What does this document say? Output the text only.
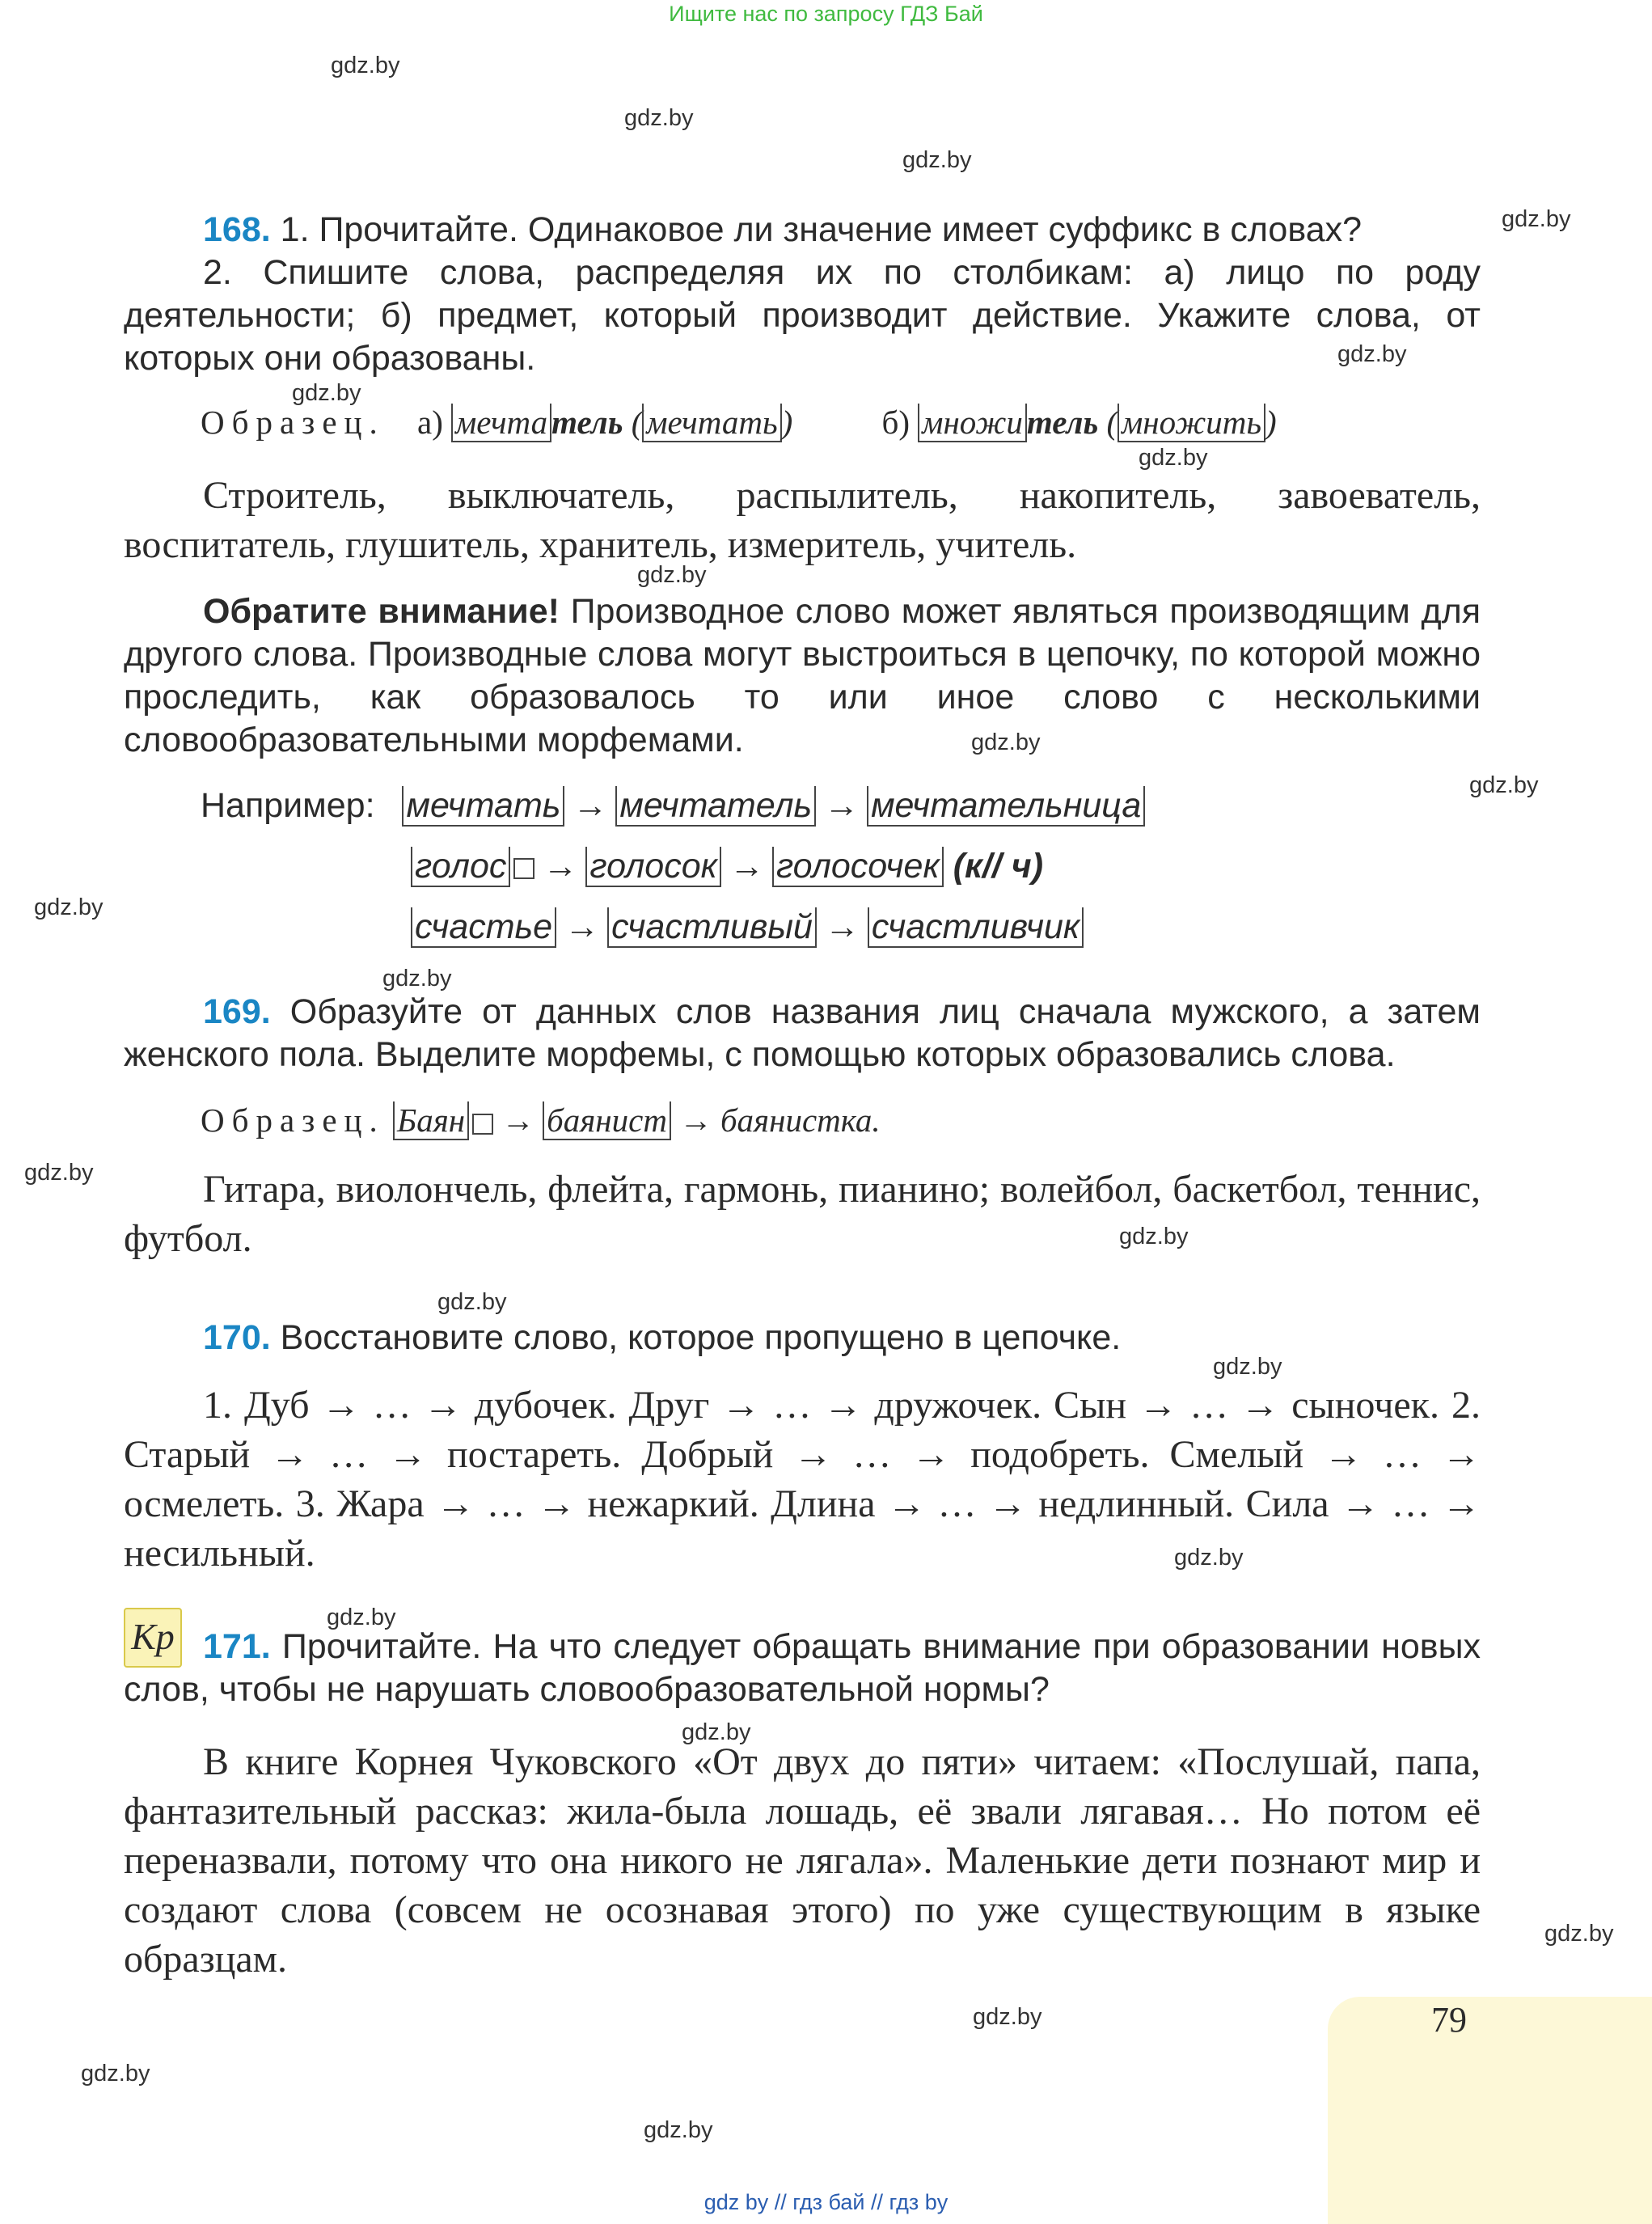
Ищите нас по запросу ГДЗ Бай
gdz.by
gdz.by
gdz.by
gdz.by
gdz.by
gdz.by
gdz.by
gdz.by
gdz.by
gdz.by
gdz.by
gdz.by
gdz.by
gdz.by
gdz.by
gdz.by
gdz.by
gdz.by
gdz.by
gdz.by
gdz.by
gdz.by
gdz.by

168. 1. Прочитайте. Одинаковое ли значение имеет суффикс в словах?

2. Спишите слова, распределяя их по столбикам: а) лицо по роду деятельности; б) предмет, который производит действие. Укажите слова, от которых они образованы.

Образец. а) мечта тель ( мечтать )	б) множи тель ( множить )

Строитель, выключатель, распылитель, накопитель, завоеватель, воспитатель, глушитель, хранитель, измеритель, учитель.

Обратите внимание! Производное слово может являться производящим для другого слова. Производные слова могут выстроиться в цепочку, по которой можно проследить, как образовалось то или иное слово с несколькими словообразовательными морфемами.

Например: мечтать → мечтатель → мечтательница
голос → голосок → голосочек (к// ч)
счастье → счастливый → счастливчик

169. Образуйте от данных слов названия лиц сначала мужского, а затем женского пола. Выделите морфемы, с помощью которых образовались слова.

Образец. Баян → баянист → баянистка.

Гитара, виолончель, флейта, гармонь, пианино; волейбол, баскетбол, теннис, футбол.

170. Восстановите слово, которое пропущено в цепочке.

1. Дуб → … → дубочек. Друг → … → дружочек. Сын → … → сыночек. 2. Старый → … → постареть. Добрый → … → подобреть. Смелый → … → осмелеть. 3. Жара → … → нежаркий. Длина → … → недлинный. Сила → … → несильный.

Кр 171. Прочитайте. На что следует обращать внимание при образовании новых слов, чтобы не нарушать словообразовательной нормы?

В книге Корнея Чуковского «От двух до пяти» читаем: «Послушай, папа, фантазительный рассказ: жила-была лошадь, её звали лягавая… Но потом её переназвали, потому что она никого не лягала». Маленькие дети познают мир и создают слова (совсем не осознавая этого) по уже существующим в языке образцам.

79
gdz by // гдз бай // гдз by
